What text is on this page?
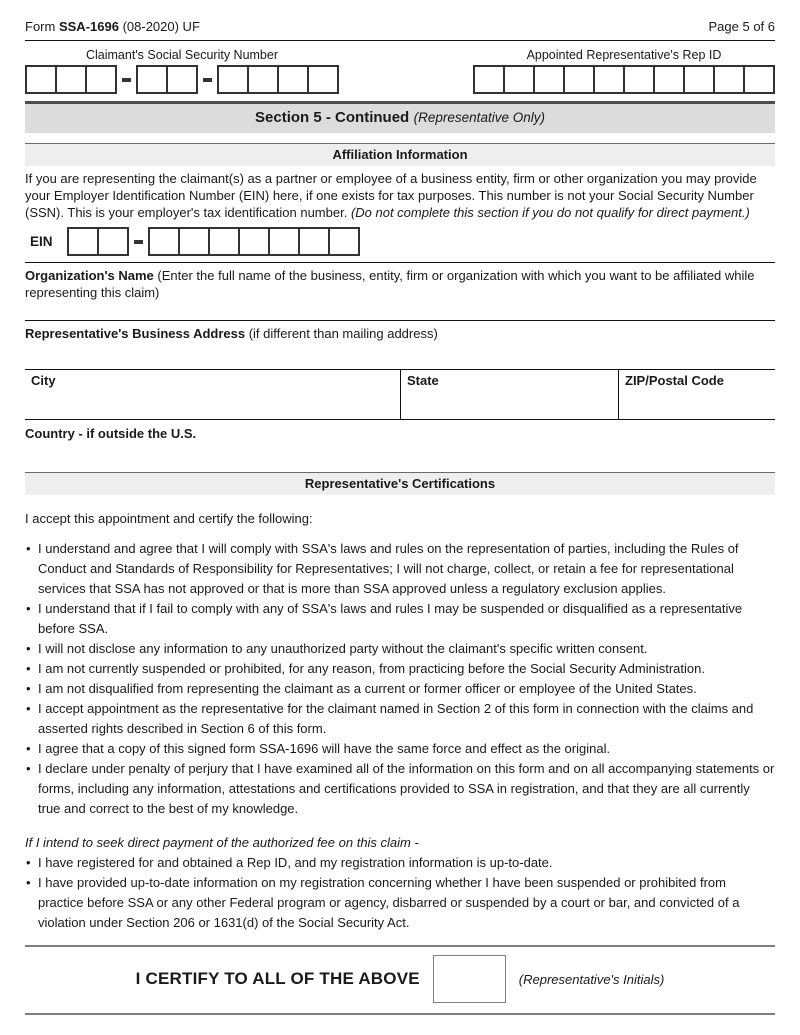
Form SSA-1696 (08-2020) UF	Page 5 of 6
Claimant's Social Security Number	Appointed Representative's Rep ID
Section 5 - Continued (Representative Only)
Affiliation Information
If you are representing the claimant(s) as a partner or employee of a business entity, firm or other organization you may provide your Employer Identification Number (EIN) here, if one exists for tax purposes. This number is not your Social Security Number (SSN). This is your employer's tax identification number. (Do not complete this section if you do not qualify for direct payment.)
EIN
Organization's Name (Enter the full name of the business, entity, firm or organization with which you want to be affiliated while representing this claim)
Representative's Business Address (if different than mailing address)
City	State	ZIP/Postal Code
Country - if outside the U.S.
Representative's Certifications
I accept this appointment and certify the following:
• I understand and agree that I will comply with SSA's laws and rules on the representation of parties, including the Rules of Conduct and Standards of Responsibility for Representatives; I will not charge, collect, or retain a fee for representational services that SSA has not approved or that is more than SSA approved unless a regulatory exclusion applies.
• I understand that if I fail to comply with any of SSA's laws and rules I may be suspended or disqualified as a representative before SSA.
• I will not disclose any information to any unauthorized party without the claimant's specific written consent.
• I am not currently suspended or prohibited, for any reason, from practicing before the Social Security Administration.
• I am not disqualified from representing the claimant as a current or former officer or employee of the United States.
• I accept appointment as the representative for the claimant named in Section 2 of this form in connection with the claims and asserted rights described in Section 6 of this form.
• I agree that a copy of this signed form SSA-1696 will have the same force and effect as the original.
• I declare under penalty of perjury that I have examined all of the information on this form and on all accompanying statements or forms, including any information, attestations and certifications provided to SSA in registration, and that they are all currently true and correct to the best of my knowledge.
If I intend to seek direct payment of the authorized fee on this claim -
• I have registered for and obtained a Rep ID, and my registration information is up-to-date.
• I have provided up-to-date information on my registration concerning whether I have been suspended or prohibited from practice before SSA or any other Federal program or agency, disbarred or suspended by a court or bar, and convicted of a violation under Section 206 or 1631(d) of the Social Security Act.
I CERTIFY TO ALL OF THE ABOVE	(Representative's Initials)
